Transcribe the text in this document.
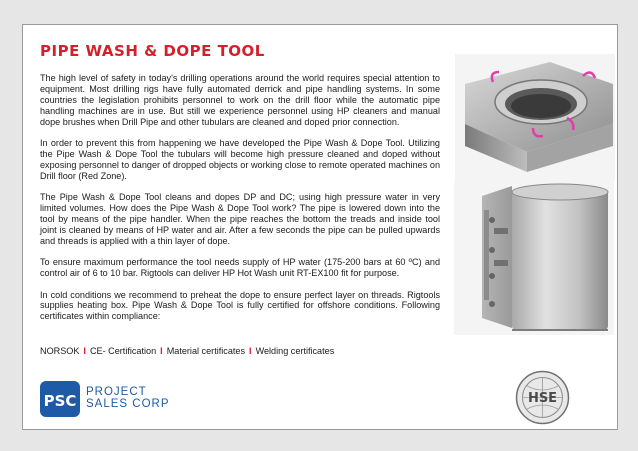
PIPE WASH & DOPE TOOL

The high level of safety in today's drilling operations around the world requires special attention to equipment. Most drilling rigs have fully automated derrick and pipe handling systems. In some countries the legislation prohibits personnel to work on the drill floor while the automatic pipe handling machines are in use. But still we experience personnel using HP cleaners and manual dope brushes when Drill Pipe and other tubulars are cleaned and doped prior connection.

In order to prevent this from happening we have developed the Pipe Wash & Dope Tool. Utilizing the Pipe Wash & Dope Tool the tubulars will become high pressure cleaned and doped without exposing personnel to danger of dropped objects or working close to remote operated machines on Drill floor (Red Zone).

The Pipe Wash & Dope Tool cleans and dopes DP and DC; using high pressure water in very limited volumes. How does the Pipe Wash & Dope Tool work? The pipe is lowered down into the tool by means of the pipe handler. When the pipe reaches the bottom the treads and inside tool joint is cleaned by means of HP water and air. After a few seconds the pipe can be pulled upwards and threads is applied with a thin layer of dope.

To ensure maximum performance the tool needs supply of HP water (175-200 bars at 60 ºC) and control air of 6 to 10 bar. Rigtools can deliver HP Hot Wash unit RT-EX100 fit for purpose.

In cold conditions we recommend to preheat the dope to ensure perfect layer on threads. Rigtools supplies heating box. Pipe Wash & Dope Tool is fully certified for offshore conditions. Following certificates within compliance:

NORSOK I CE- Certification I Material certificates I Welding certificates
PSC PROJECT
SALES CORP	HSE
